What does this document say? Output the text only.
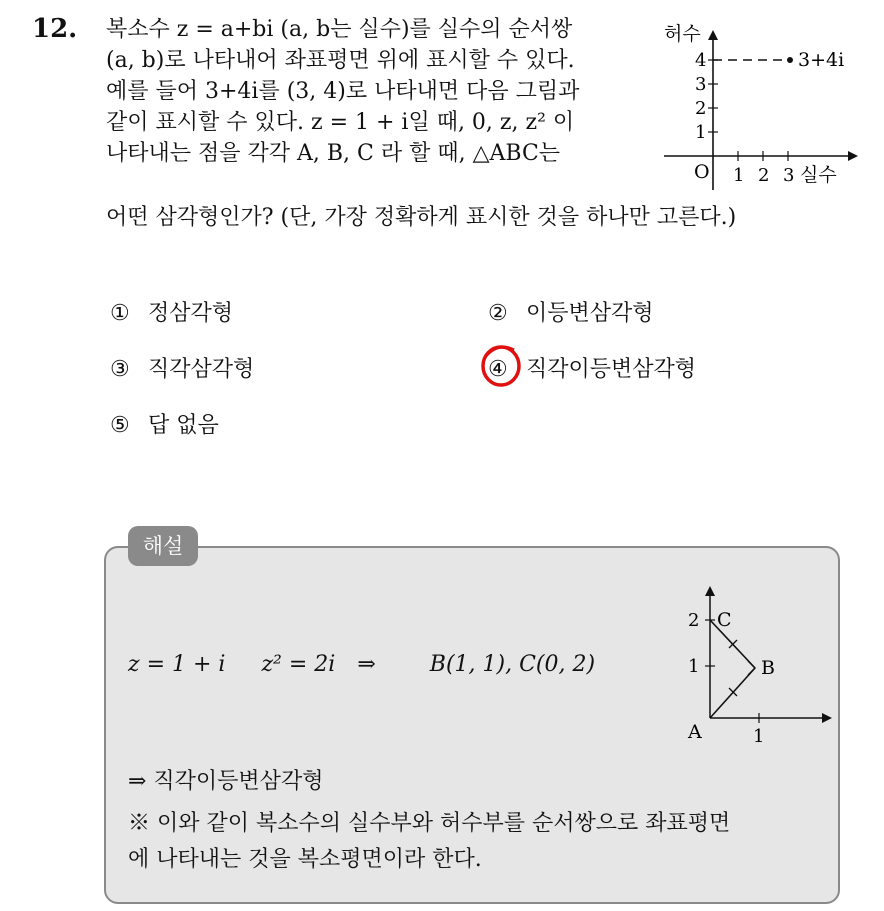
12. 복소수 z = a+bi (a, b는 실수)를 실수의 순서쌍
(a, b)로 나타내어 좌표평면 위에 표시할 수 있다.
예를 들어 3+4i를 (3, 4)로 나타내면 다음 그림과
같이 표시할 수 있다. z = 1 + i일 때, 0, z, z² 이
나타내는 점을 각각 A, B, C 라 할 때, △ABC는
어떤 삼각형인가? (단, 가장 정확하게 표시한 것을 하나만 고른다.)
3+4i
허수
1
2
3
4
O 1 2 3 실수
① 정삼각형	② 이등변삼각형
③ 직각삼각형	④ 직각이등변삼각형
⑤ 답 없음
해설
z = 1 + i z² = 2i ⇒ B(1, 1), C(0, 2)
2
1
C
B
A	1
⇒ 직각이등변삼각형
※ 이와 같이 복소수의 실수부와 허수부를 순서쌍으로 좌표평면
에 나타내는 것을 복소평면이라 한다.
